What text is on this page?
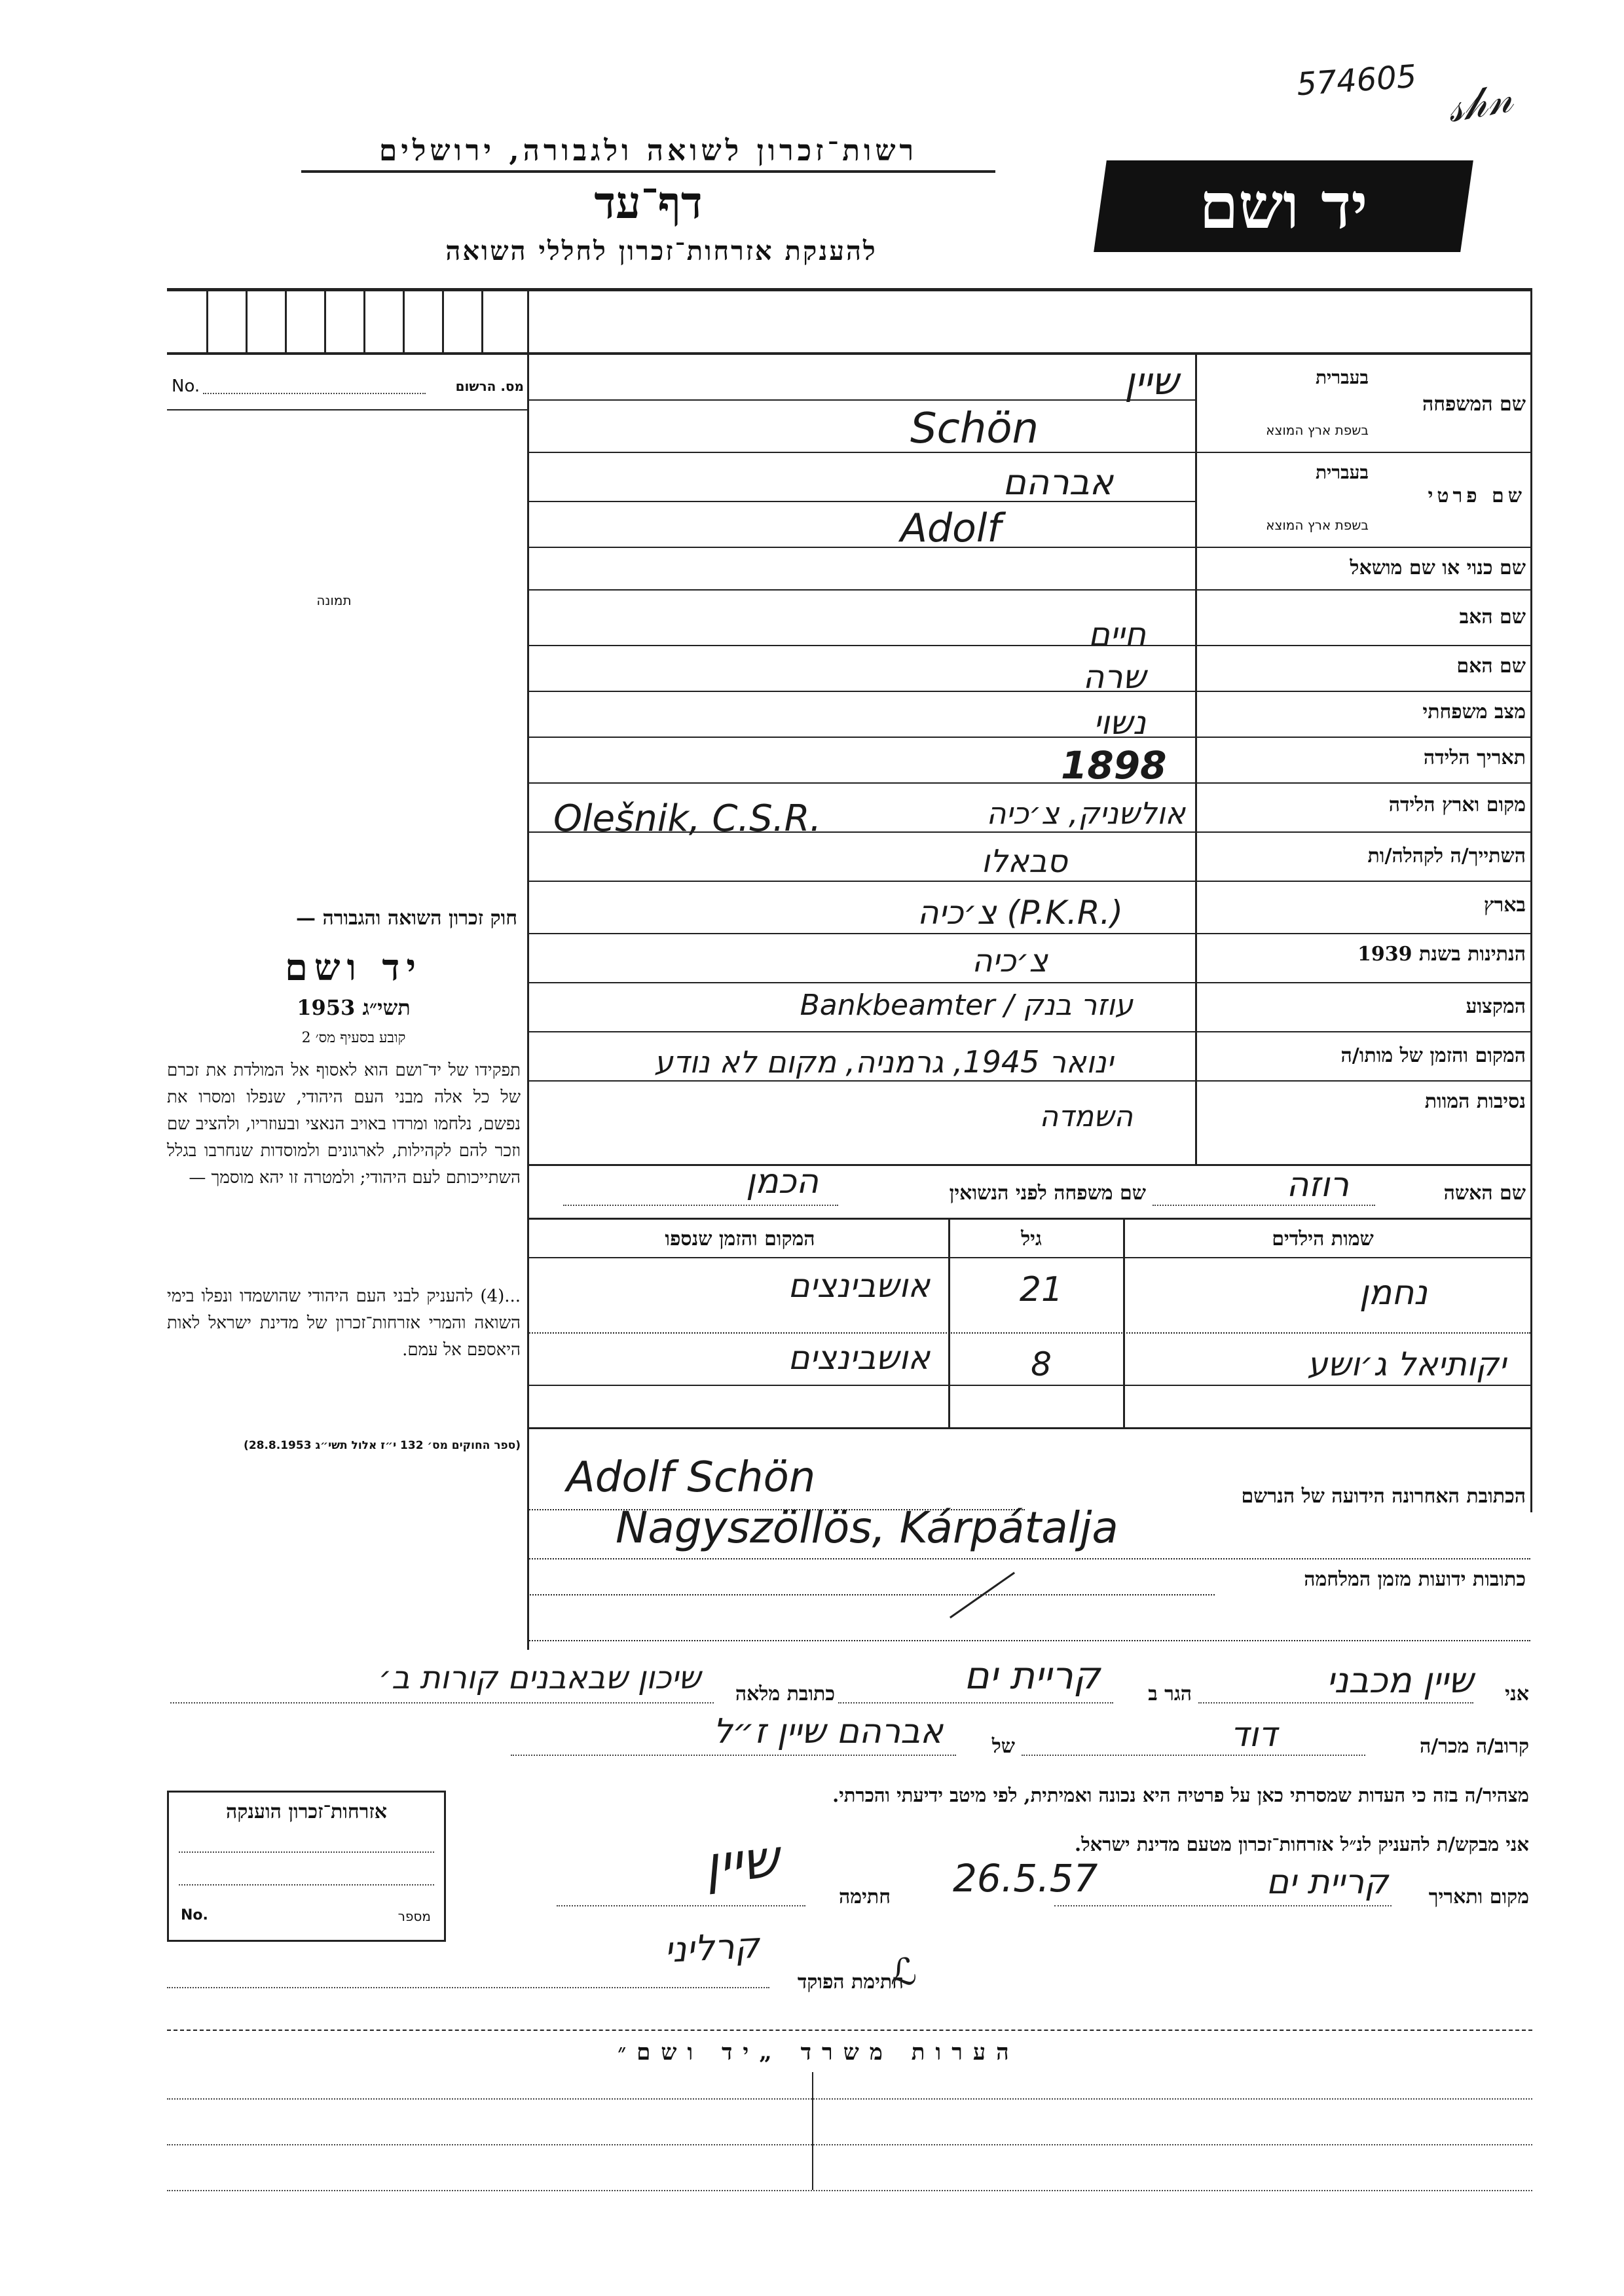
574605 𝓈𝒽𝓃
רשות־זכרון לשואה ולגבורה, ירושלים
דף־עד
להענקת אזרחות־זכרון לחללי השואה
יד ושם
No.	מס. הרשום
תמונה
שם המשפחה
בעברית
בשפת ארץ המוצא
שיין
Schön
שם פרטי
בעברית
בשפת ארץ המוצא
אברהם
Adolf
שם כנוי או שם מושאל
שם האב
חיים
שם האם
שרה
מצב משפחתי
נשוי
תאריך הלידה
1898
מקום וארץ הלידה
אולשניק, צ׳כיה
Olešnik, C.S.R.
השתייך/ה לקהלה/ות
סבאלו
בארץ
צ׳כיה (P.K.R.)
הנתינות בשנת 1939
צ׳כיה
המקצוע
עוזר בנק / Bankbeamter
המקום והזמן של מותו/ה
ינואר 1945, גרמניה, מקום לא נודע
נסיבות המוות
השמדה
שם האשה
רוזה
שם משפחה לפני הנשואין
הכמן
שמות הילדים
גיל
המקום והזמן שנספו
נחמן
21
אושבינצים
יקותיאל ג׳ושע
8
אושבינצים
הכתובת האחרונה הידועה של הנרשם
Adolf Schön
Nagyszöllös, Kárpátalja
כתובות ידועות מזמן המלחמה
חוק זכרון השואה והגבורה —
יד ושם
תשי״ג 1953
קובע בסעיף מס׳ 2
תפקידו של יד־ושם הוא לאסוף אל המולדת את זכרם של כל אלה מבני העם היהודי, שנפלו ומסרו את נפשם, נלחמו ומרדו באויב הנאצי ובעוזריו, ולהציב שם וזכר להם לקהילות, לארגונים ולמוסדות שנחרבו בגלל השתייכותם לעם היהודי; ולמטרה זו יהא מוסמך —
...(4) להעניק לבני העם היהודי שהושמדו ונפלו בימי השואה והמרי אזרחות־זכרון של מדינת ישראל לאות היאספם אל עמם.
(ספר החוקים מס׳ 132 י״ז אלול תשי״ג 28.8.1953)
אני
שיין מכבני
הגר ב
קריית ים
כתובת מלאה
שיכון שבאבנים קורות ב׳
קרוב/ה מכר/ה
דוד
של
אברהם שיין ז״ל
מצהיר/ה בזה כי העדות שמסרתי כאן על פרטיה היא נכונה ואמיתית, לפי מיטב ידיעתי והכרתי.
אני מבקש/ת להעניק לנ״ל אזרחות־זכרון מטעם מדינת ישראל.
מקום ותאריך
קריית ים
26.5.57
חתימה
שיין
חתימת הפוקד
ℒ
קרליני
אזרחות־זכרון הוענקה
No.	מספר
הערות משרד „יד ושם״
